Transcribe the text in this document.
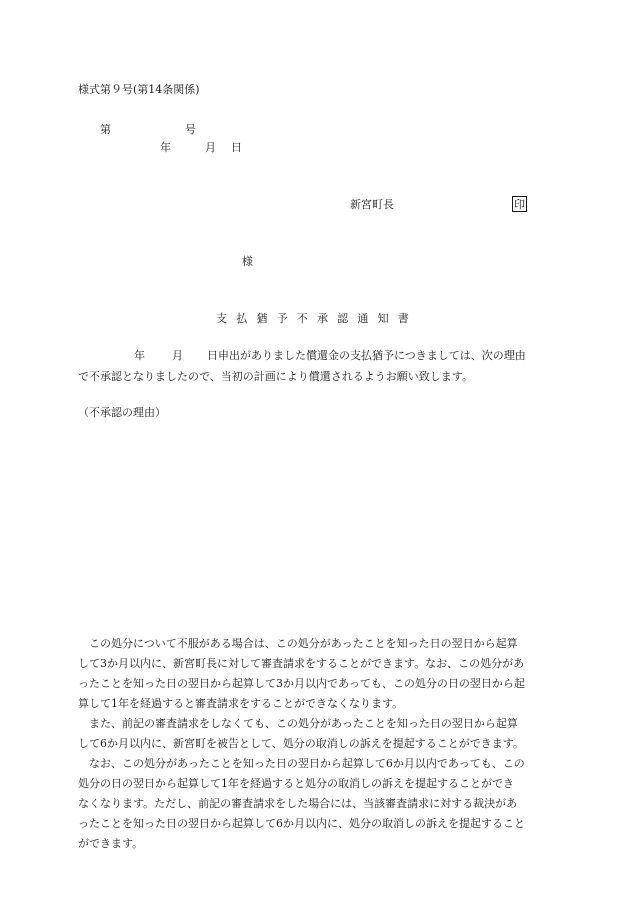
様式第９号(第14条関係)
第	号
年	月 日
新宮町長	印
様
支払猶予不承認通知書
年 月 日申出がありました償還金の支払猶予につきましては、次の理由
で不承認となりましたので、当初の計画により償還されるようお願い致します。
（不承認の理由）
　この処分について不服がある場合は、この処分があったことを知った日の翌日から起算
して3か月以内に、新宮町長に対して審査請求をすることができます。なお、この処分があ
ったことを知った日の翌日から起算して3か月以内であっても、この処分の日の翌日から起
算して1年を経過すると審査請求をすることができなくなります。
　また、前記の審査請求をしなくても、この処分があったことを知った日の翌日から起算
して6か月以内に、新宮町を被告として、処分の取消しの訴えを提起することができます。
　なお、この処分があったことを知った日の翌日から起算して6か月以内であっても、この
処分の日の翌日から起算して1年を経過すると処分の取消しの訴えを提起することができ
なくなります。ただし、前記の審査請求をした場合には、当該審査請求に対する裁決があ
ったことを知った日の翌日から起算して6か月以内に、処分の取消しの訴えを提起すること
ができます。
